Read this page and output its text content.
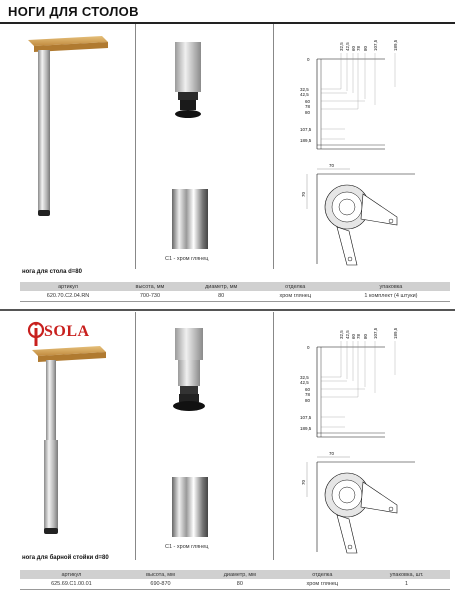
НОГИ ДЛЯ СТОЛОВ
C1 - хром глянец
0
32,5 42,5 60 78 80 107,5	189,5
32,5
42,5
60
78
80
107,5
189,5
70
70
нога для стола d=80
артикул	высота, мм	диаметр, мм	отделка	упаковка
620.70.C2.04.RN	700-730	80	хром глянец	1 комплект (4 штуки)
SOLA
C1 - хром глянец
0
32,5 42,5 60 78 80 107,5	189,5
32,5
42,5
60
78
80
107,5
189,5
70
70
нога для барной стойки d=80
артикул	высота, мм	диаметр, мм	отделка	упаковка, шт.
625.69.C1.00.01	690-870	80	хром глянец	1
